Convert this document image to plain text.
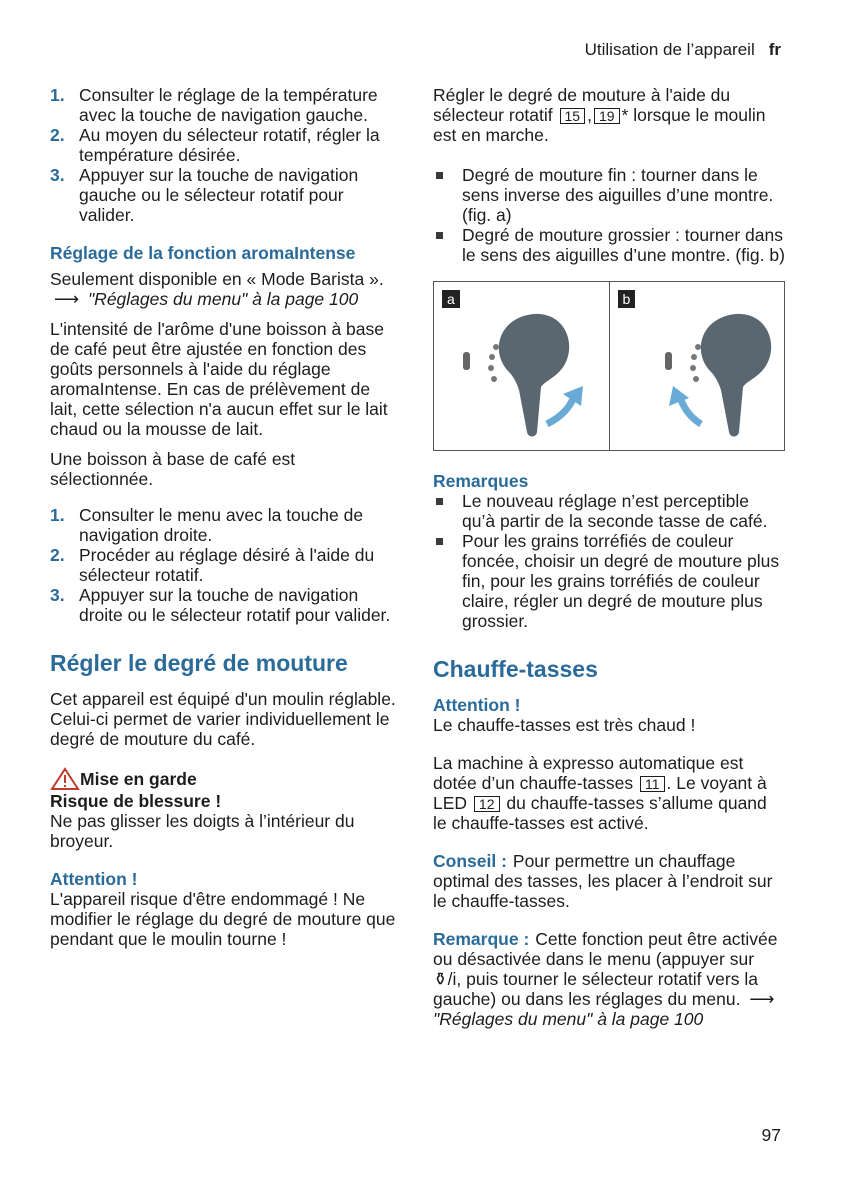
Utilisation de l’appareil fr
1. Consulter le réglage de la température avec la touche de navigation gauche.
2. Au moyen du sélecteur rotatif, régler la température désirée.
3. Appuyer sur la touche de navigation gauche ou le sélecteur rotatif pour valider.
Réglage de la fonction aromaIntense

Seulement disponible en « Mode Barista ». ⟶ "Réglages du menu" à la page 100

L'intensité de l'arôme d'une boisson à base de café peut être ajustée en fonction des goûts personnels à l'aide du réglage aromaIntense. En cas de prélèvement de lait, cette sélection n'a aucun effet sur le lait chaud ou la mousse de lait.

Une boisson à base de café est sélectionnée.

1. Consulter le menu avec la touche de navigation droite.
2. Procéder au réglage désiré à l'aide du sélecteur rotatif.
3. Appuyer sur la touche de navigation droite ou le sélecteur rotatif pour valider.
Régler le degré de mouture

Cet appareil est équipé d'un moulin réglable. Celui-ci permet de varier individuellement le degré de mouture du café.

Mise en garde
Risque de blessure !

Ne pas glisser les doigts à l’intérieur du broyeur.

Attention !

L'appareil risque d'être endommagé ! Ne modifier le réglage du degré de mouture que pendant que le moulin tourne !

Régler le degré de mouture à l'aide du sélecteur rotatif 15 , 19 * lorsque le moulin est en marche.

Degré de mouture fin : tourner dans le sens inverse des aiguilles d’une montre. (fig. a)
Degré de mouture grossier : tourner dans le sens des aiguilles d’une montre. (fig. b)
a	b
Remarques
Le nouveau réglage n’est perceptible qu’à partir de la seconde tasse de café.
Pour les grains torréfiés de couleur foncée, choisir un degré de mouture plus fin, pour les grains torréfiés de couleur claire, régler un degré de mouture plus grossier.
Chauffe-tasses
Attention !

Le chauffe-tasses est très chaud !

La machine à expresso automatique est dotée d’un chauffe-tasses 11 . Le voyant à LED 12 du chauffe-tasses s’allume quand le chauffe-tasses est activé.

Conseil : Pour permettre un chauffage optimal des tasses, les placer à l’endroit sur le chauffe-tasses.

Remarque : Cette fonction peut être activée ou désactivée dans le menu (appuyer sur ⚱/i, puis tourner le sélecteur rotatif vers la gauche) ou dans les réglages du menu. ⟶ "Réglages du menu" à la page 100

97
